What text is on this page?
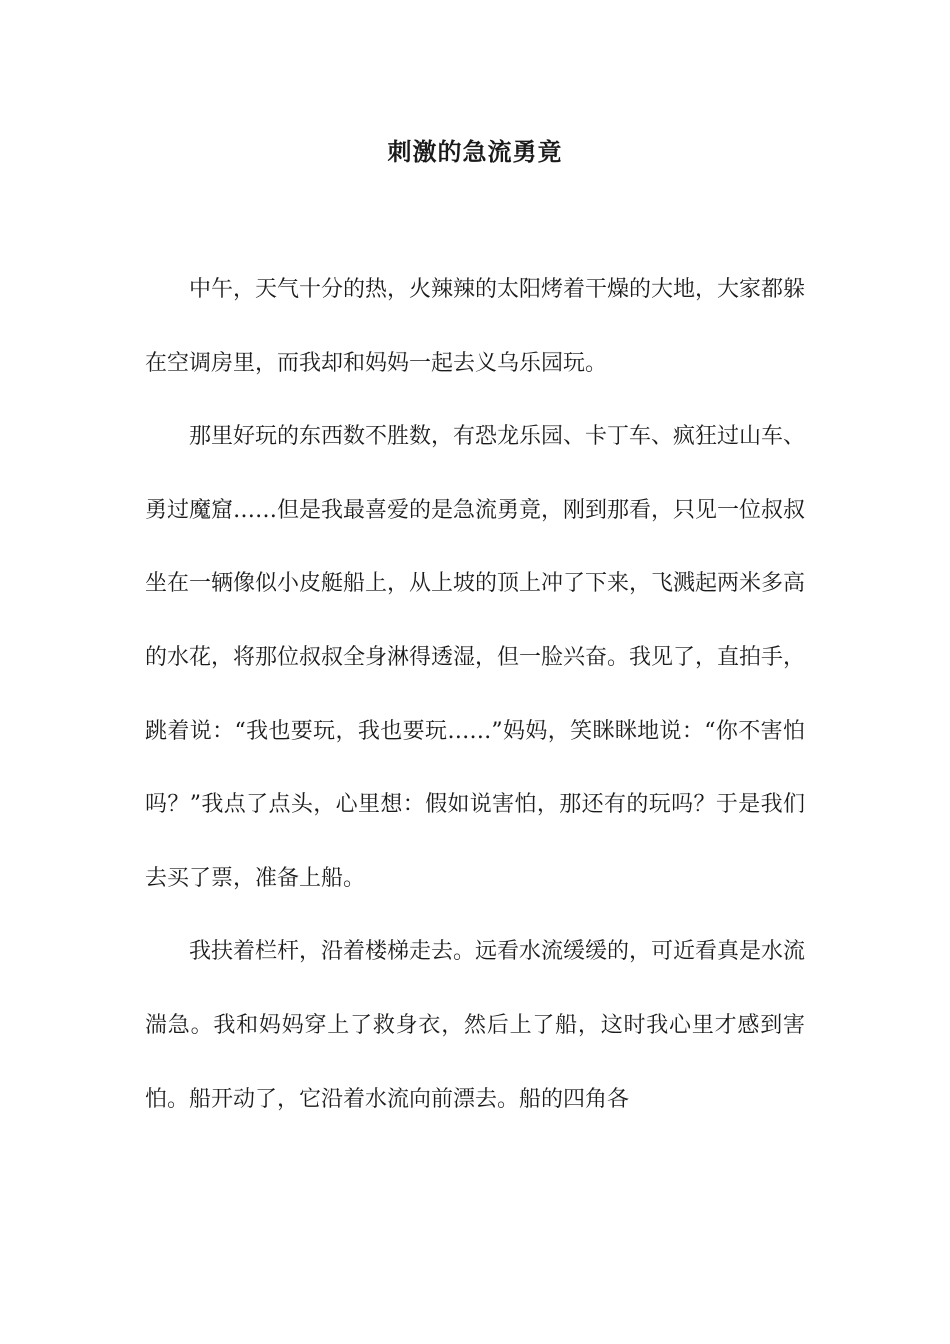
刺激的急流勇竟

中午，天气十分的热，火辣辣的太阳烤着干燥的大地，大家都躲在空调房里，而我却和妈妈一起去义乌乐园玩。

那里好玩的东西数不胜数，有恐龙乐园、卡丁车、疯狂过山车、勇过魔窟……但是我最喜爱的是急流勇竟，刚到那看，只见一位叔叔坐在一辆像似小皮艇船上，从上坡的顶上冲了下来，飞溅起两米多高的水花，将那位叔叔全身淋得透湿，但一脸兴奋。我见了，直拍手，跳着说：“我也要玩，我也要玩……”妈妈，笑眯眯地说：“你不害怕吗？”我点了点头，心里想：假如说害怕，那还有的玩吗？于是我们去买了票，准备上船。

我扶着栏杆，沿着楼梯走去。远看水流缓缓的，可近看真是水流湍急。我和妈妈穿上了救身衣，然后上了船，这时我心里才感到害怕。船开动了，它沿着水流向前漂去。船的四角各
